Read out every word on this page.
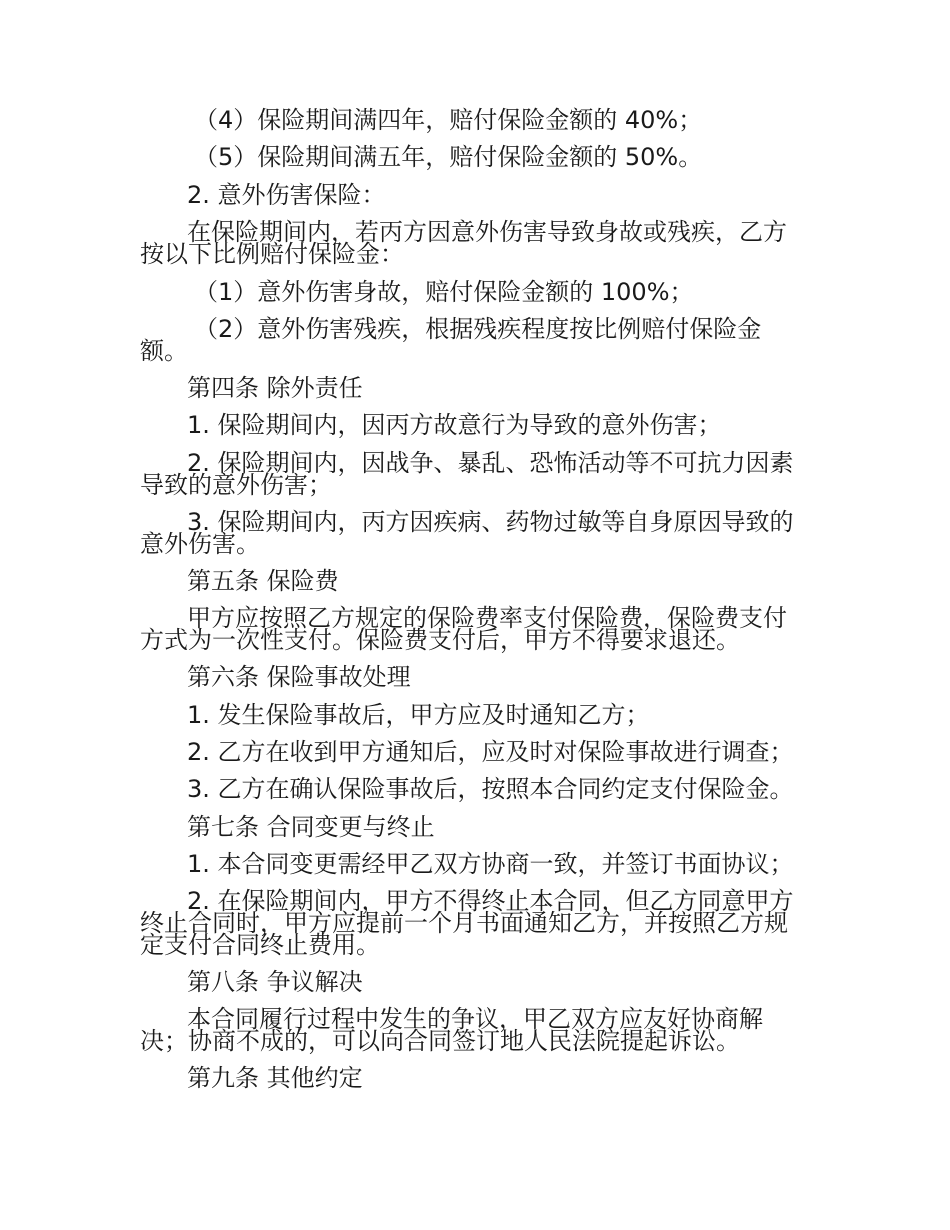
（4）保险期间满四年，赔付保险金额的 40%；
（5）保险期间满五年，赔付保险金额的 50%。
2. 意外伤害保险：
在保险期间内，若丙方因意外伤害导致身故或残疾，乙方
按以下比例赔付保险金：
（1）意外伤害身故，赔付保险金额的 100%；
（2）意外伤害残疾，根据残疾程度按比例赔付保险金
额。
第四条 除外责任
1. 保险期间内，因丙方故意行为导致的意外伤害；
2. 保险期间内，因战争、暴乱、恐怖活动等不可抗力因素
导致的意外伤害；
3. 保险期间内，丙方因疾病、药物过敏等自身原因导致的
意外伤害。
第五条 保险费
甲方应按照乙方规定的保险费率支付保险费，保险费支付
方式为一次性支付。保险费支付后，甲方不得要求退还。
第六条 保险事故处理
1. 发生保险事故后，甲方应及时通知乙方；
2. 乙方在收到甲方通知后，应及时对保险事故进行调查；
3. 乙方在确认保险事故后，按照本合同约定支付保险金。
第七条 合同变更与终止
1. 本合同变更需经甲乙双方协商一致，并签订书面协议；
2. 在保险期间内，甲方不得终止本合同，但乙方同意甲方
终止合同时，甲方应提前一个月书面通知乙方，并按照乙方规
定支付合同终止费用。
第八条 争议解决
本合同履行过程中发生的争议，甲乙双方应友好协商解
决；协商不成的，可以向合同签订地人民法院提起诉讼。
第九条 其他约定
